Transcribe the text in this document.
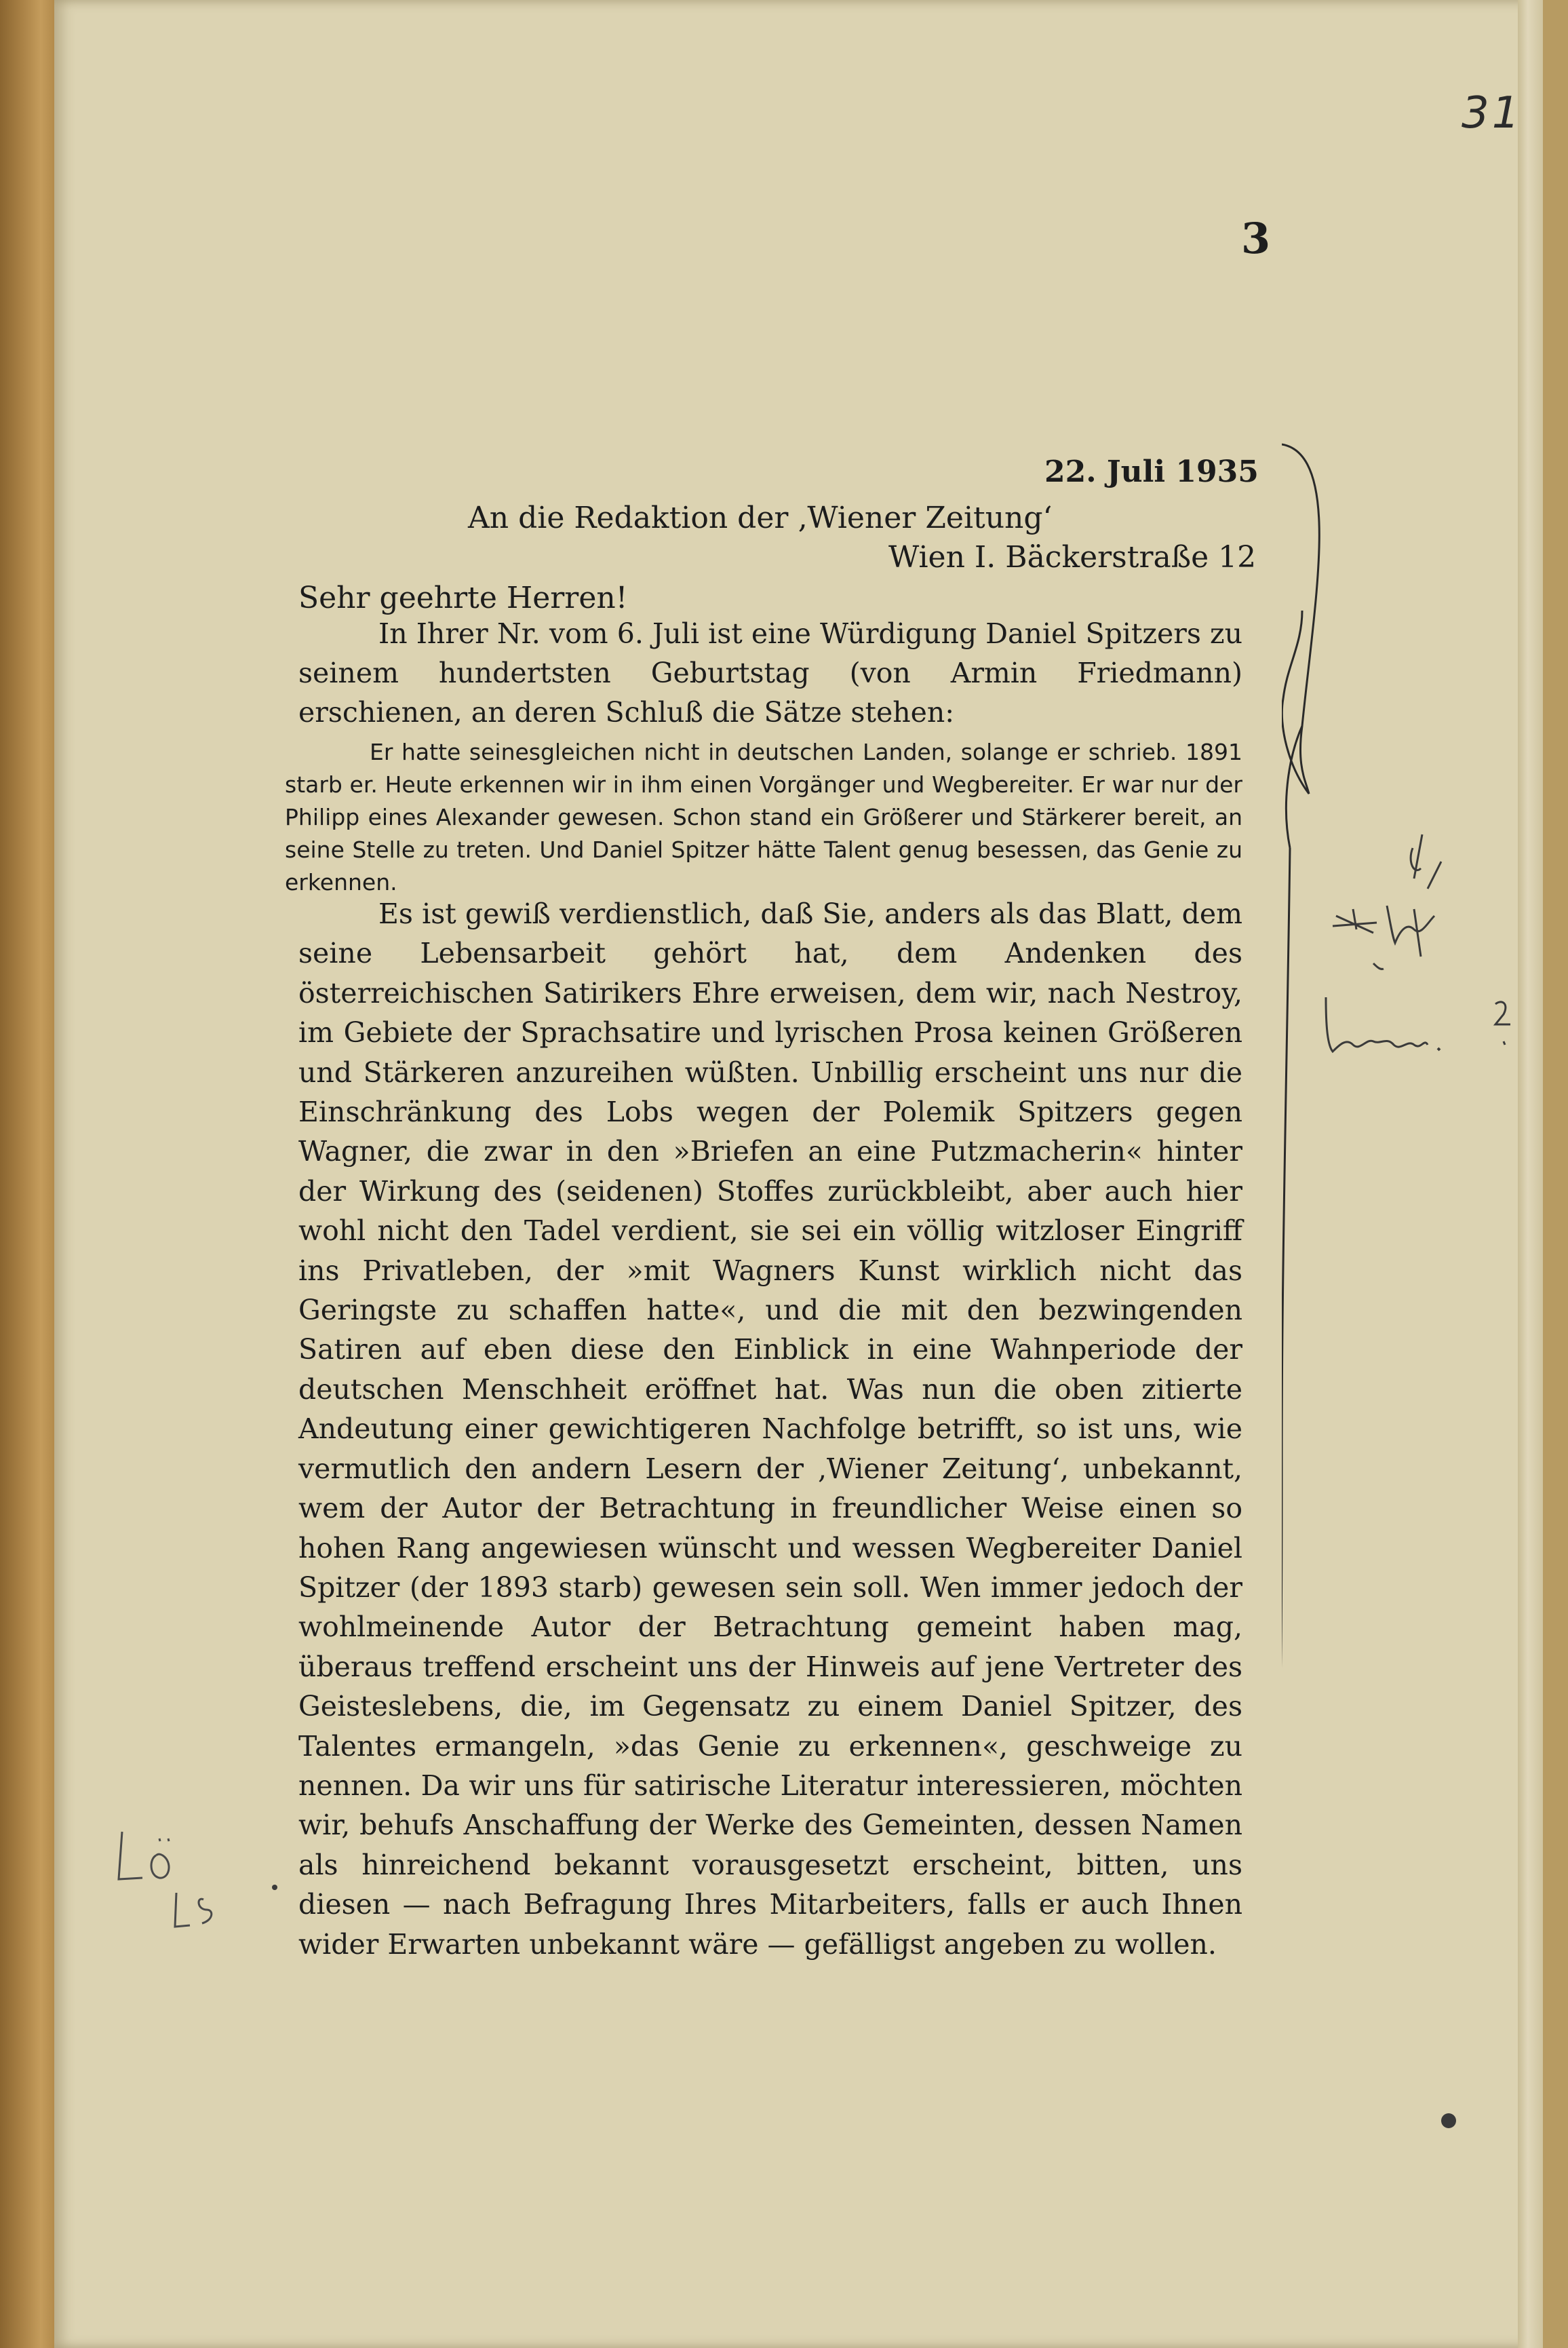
31
3
22. Juli 1935
An die Redaktion der ‚Wiener Zeitung‘
Wien I. Bäckerstraße 12
Sehr geehrte Herren!
In Ihrer Nr. vom 6. Juli ist eine Würdigung Daniel Spitzers zu seinem hundertsten Geburtstag (von Armin Friedmann) erschienen, an deren Schluß die Sätze stehen:
Er hatte seinesgleichen nicht in deutschen Landen, solange er schrieb. 1891 starb er. Heute erkennen wir in ihm einen Vorgänger und Wegbereiter. Er war nur der Philipp eines Alexander gewesen. Schon stand ein Größerer und Stärkerer bereit, an seine Stelle zu treten. Und Daniel Spitzer hätte Talent genug besessen, das Genie zu erkennen.
Es ist gewiß verdienstlich, daß Sie, anders als das Blatt, dem seine Lebensarbeit gehört hat, dem Andenken des österreichischen Satirikers Ehre erweisen, dem wir, nach Nestroy, im Gebiete der Sprachsatire und lyrischen Prosa keinen Größeren und Stärkeren anzureihen wüßten. Unbillig erscheint uns nur die Einschränkung des Lobs wegen der Polemik Spitzers gegen Wagner, die zwar in den »Briefen an eine Putzmacherin« hinter der Wirkung des (seidenen) Stoffes zurückbleibt, aber auch hier wohl nicht den Tadel verdient, sie sei ein völlig witzloser Eingriff ins Privatleben, der »mit Wagners Kunst wirklich nicht das Geringste zu schaffen hatte«, und die mit den bezwingenden Satiren auf eben diese den Einblick in eine Wahnperiode der deutschen Menschheit eröffnet hat. Was nun die oben zitierte Andeutung einer gewichtigeren Nachfolge betrifft, so ist uns, wie vermutlich den andern Lesern der ‚Wiener Zeitung‘, unbekannt, wem der Autor der Betrachtung in freundlicher Weise einen so hohen Rang angewiesen wünscht und wessen Wegbereiter Daniel Spitzer (der 1893 starb) gewesen sein soll. Wen immer jedoch der wohlmeinende Autor der Betrachtung gemeint haben mag, überaus treffend erscheint uns der Hinweis auf jene Vertreter des Geisteslebens, die, im Gegensatz zu einem Daniel Spitzer, des Talentes ermangeln, »das Genie zu erkennen«, geschweige zu nennen. Da wir uns für satirische Literatur interessieren, möchten wir, behufs Anschaffung der Werke des Gemeinten, dessen Namen als hinreichend bekannt vorausgesetzt erscheint, bitten, uns diesen — nach Befragung Ihres Mitarbeiters, falls er auch Ihnen wider Erwarten unbekannt wäre — gefälligst angeben zu wollen.
